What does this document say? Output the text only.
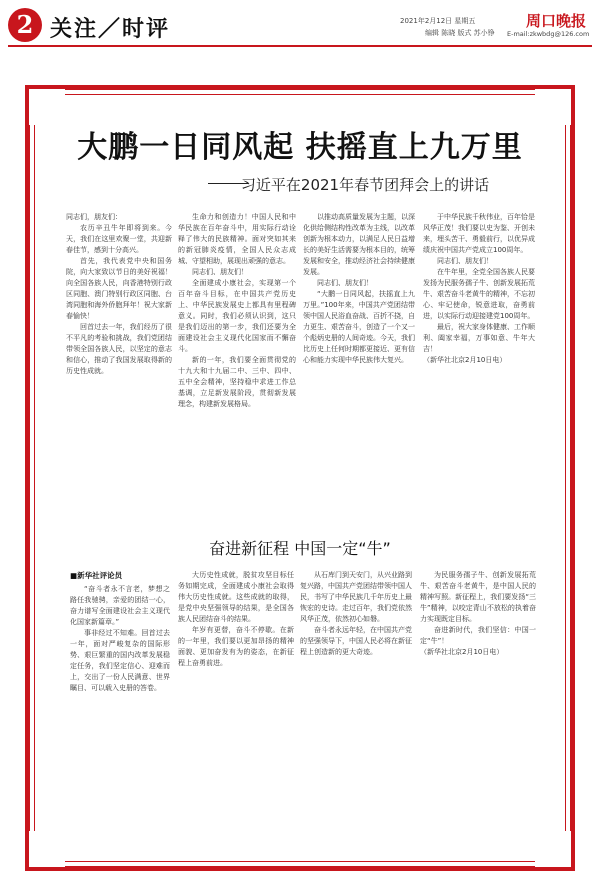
2 关注／时评	2021年2月12日 星期五
编辑 陈晓 版式 苏小铮
周口晚报
E-mail:zkwbdg@126.com
大鹏一日同风起 扶摇直上九万里
习近平在2021年春节团拜会上的讲话

同志们，朋友们：

农历辛丑牛年即将到来。今天，我们在这里欢聚一堂，共迎新春佳节，感到十分高兴。

首先，我代表党中央和国务院，向大家致以节日的美好祝福！向全国各族人民，向香港特别行政区同胞、澳门特别行政区同胞、台湾同胞和海外侨胞拜年！祝大家新春愉快！

回首过去一年，我们经历了很不平凡的考验和挑战，我们党团结带领全国各族人民，以坚定的意志和信心，推动了我国发展取得新的历史性成就。

生命力和创造力！中国人民和中华民族在百年奋斗中，用实际行动诠释了伟大的民族精神。面对突如其来的新冠肺炎疫情，全国人民众志成城、守望相助，展现出顽强的意志。

同志们、朋友们！

全面建成小康社会，实现第一个百年奋斗目标，在中国共产党历史上、中华民族发展史上都具有里程碑意义。同时，我们必须认识到，这只是我们迈出的第一步，我们还要为全面建设社会主义现代化国家而不懈奋斗。

新的一年，我们要全面贯彻党的十九大和十九届二中、三中、四中、五中全会精神，坚持稳中求进工作总基调，立足新发展阶段，贯彻新发展理念，构建新发展格局。

以推动高质量发展为主题，以深化供给侧结构性改革为主线，以改革创新为根本动力，以满足人民日益增长的美好生活需要为根本目的，统筹发展和安全，推动经济社会持续健康发展。

同志们、朋友们！

“大鹏一日同风起，扶摇直上九万里。”100年来，中国共产党团结带领中国人民浴血奋战、百折不挠，自力更生、艰苦奋斗，创造了一个又一个彪炳史册的人间奇迹。今天，我们比历史上任何时期都更接近、更有信心和能力实现中华民族伟大复兴。

于中华民族千秋伟业，百年恰是风华正茂！我们要以史为鉴、开创未来，埋头苦干、勇毅前行，以优异成绩庆祝中国共产党成立100周年。

同志们、朋友们！

在牛年里，全党全国各族人民要发扬为民服务孺子牛、创新发展拓荒牛、艰苦奋斗老黄牛的精神，不忘初心、牢记使命，锐意进取，奋勇前进，以实际行动迎接建党100周年。

最后，祝大家身体健康、工作顺利、阖家幸福，万事如意、牛年大吉！

（新华社北京2月10日电）

奋进新征程 中国一定“牛”
■新华社评论员

“奋斗者永不言老，梦想之路任我驰骋，亲爱的团结一心，奋力谱写全面建设社会主义现代化国家新篇章。”

事非经过不知难。回首过去一年，面对严峻复杂的国际形势、艰巨繁重的国内改革发展稳定任务，我们坚定信心、迎难而上，交出了一份人民满意、世界瞩目、可以载入史册的答卷。

大历史性成就，脱贫攻坚目标任务如期完成，全面建成小康社会取得伟大历史性成就。这些成就的取得，是党中央坚强领导的结果，是全国各族人民团结奋斗的结果。

年岁有更替，奋斗不停歇。在新的一年里，我们要以更加昂扬的精神面貌、更加奋发有为的姿态，在新征程上奋勇前进。

从石库门到天安门，从兴业路到复兴路，中国共产党团结带领中国人民，书写了中华民族几千年历史上最恢宏的史诗。走过百年，我们党依然风华正茂，依然初心如磐。

奋斗者永远年轻，在中国共产党的坚强领导下，中国人民必将在新征程上创造新的更大奇迹。

为民服务孺子牛、创新发展拓荒牛、艰苦奋斗老黄牛，是中国人民的精神写照。新征程上，我们要发扬“三牛”精神，以咬定青山不放松的执着奋力实现既定目标。

奋进新时代，我们坚信：中国一定“牛”！

（新华社北京2月10日电）
